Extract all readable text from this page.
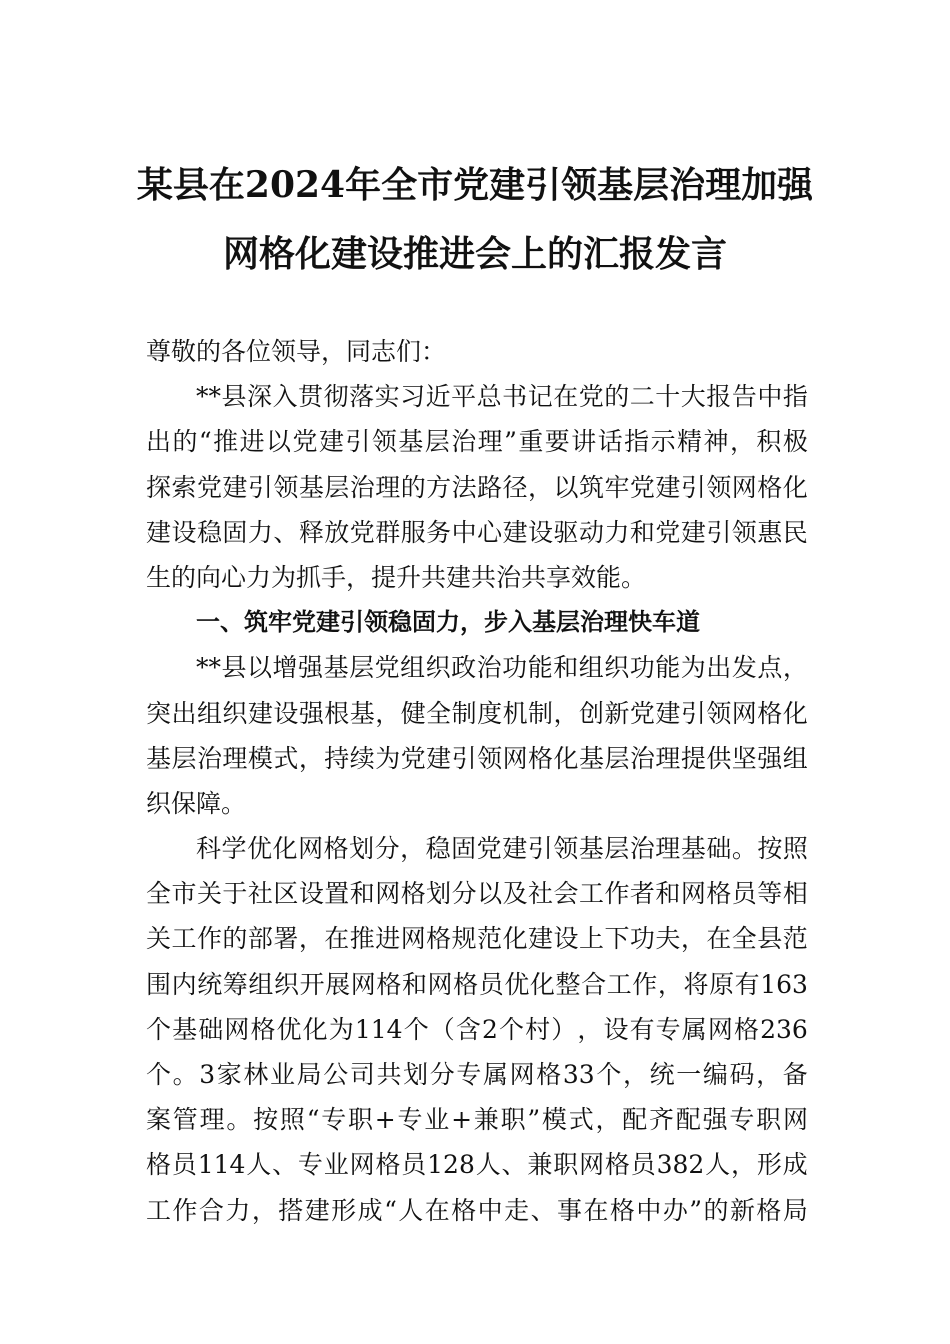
某县在2024年全市党建引领基层治理加强
网格化建设推进会上的汇报发言
尊敬的各位领导，同志们：
** 县 深 入 贯 彻 落 实 习 近 平 总 书 记 在 党 的 二 十 大 报 告 中 指
出 的 “ 推 进 以 党 建 引 领 基 层 治 理 ” 重 要 讲 话 指 示 精 神 ， 积 极
探 索 党 建 引 领 基 层 治 理 的 方 法 路 径 ， 以 筑 牢 党 建 引 领 网 格 化
建 设 稳 固 力 、 释 放 党 群 服 务 中 心 建 设 驱 动 力 和 党 建 引 领 惠 民
生的向心力为抓手，提升共建共治共享效能。
一、筑牢党建引领稳固力，步入基层治理快车道
** 县 以 增 强 基 层 党 组 织 政 治 功 能 和 组 织 功 能 为 出 发 点 ，
突 出 组 织 建 设 强 根 基 ， 健 全 制 度 机 制 ， 创 新 党 建 引 领 网 格 化
基 层 治 理 模 式 ， 持 续 为 党 建 引 领 网 格 化 基 层 治 理 提 供 坚 强 组
织保障。
科 学 优 化 网 格 划 分 ， 稳 固 党 建 引 领 基 层 治 理 基 础 。 按 照
全 市 关 于 社 区 设 置 和 网 格 划 分 以 及 社 会 工 作 者 和 网 格 员 等 相
关 工 作 的 部 署 ， 在 推 进 网 格 规 范 化 建 设 上 下 功 夫 ， 在 全 县 范
围 内 统 筹 组 织 开 展 网 格 和 网 格 员 优 化 整 合 工 作 ， 将 原 有 163
个 基 础 网 格 优 化 为 114 个 （ 含 2 个 村 ） ， 设 有 专 属 网 格 236
个 。 3 家 林 业 局 公 司 共 划 分 专 属 网 格 33 个 ， 统 一 编 码 ， 备
案 管 理 。 按 照 “ 专 职 + 专 业 + 兼 职 ” 模 式 ， 配 齐 配 强 专 职 网
格 员 114 人 、 专 业 网 格 员 128 人 、 兼 职 网 格 员 382 人 ， 形 成
工 作 合 力 ， 搭 建 形 成 “ 人 在 格 中 走 、 事 在 格 中 办 ” 的 新 格 局
